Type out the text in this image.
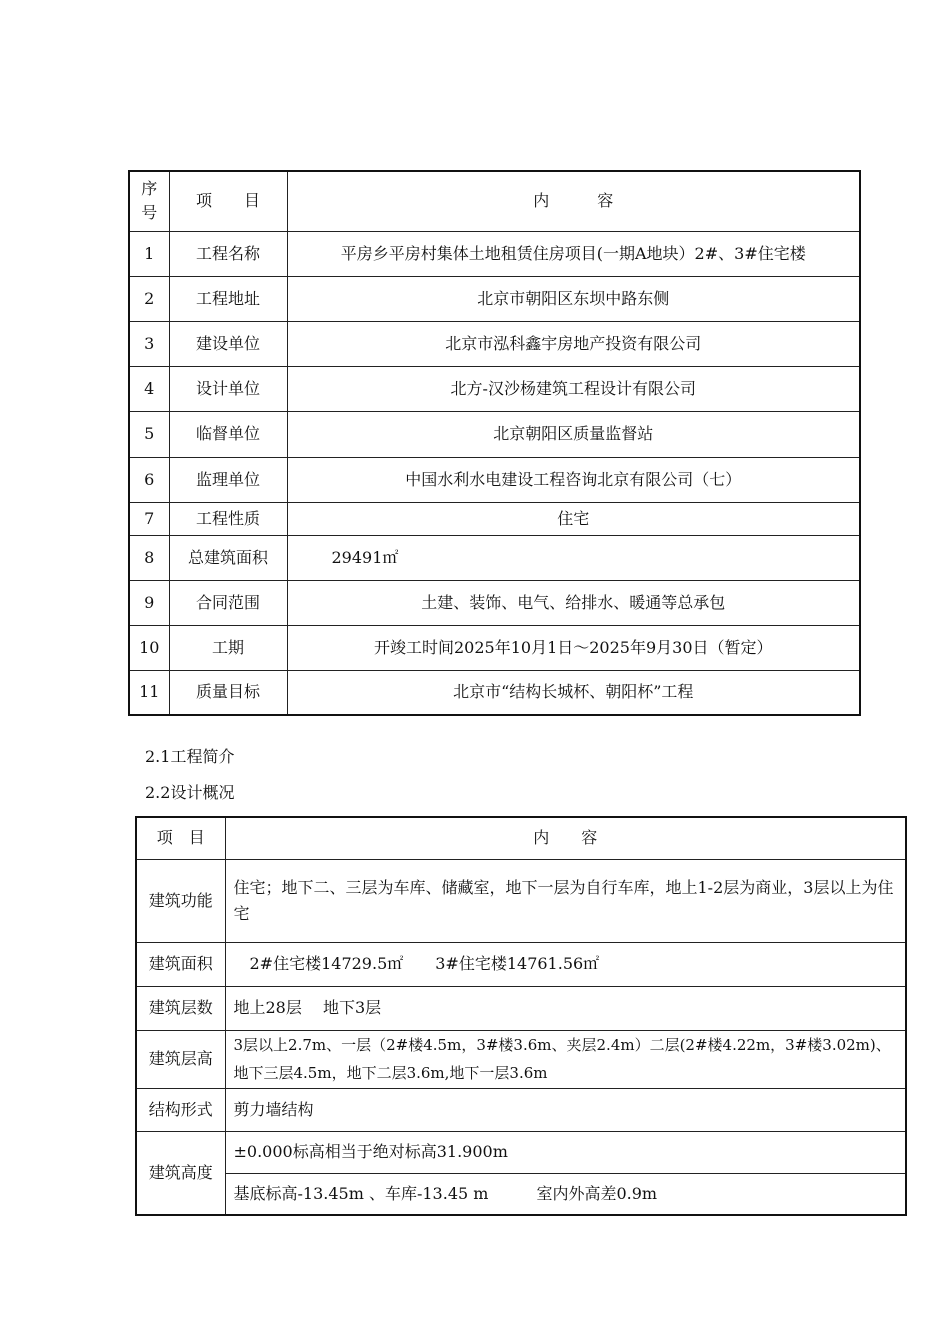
序号	项　　目	内　　　容
1	工程名称	平房乡平房村集体土地租赁住房项目(一期A地块）2#、3#住宅楼
2	工程地址	北京市朝阳区东坝中路东侧
3	建设单位	北京市泓科鑫宇房地产投资有限公司
4	设计单位	北方-汉沙杨建筑工程设计有限公司
5	临督单位	北京朝阳区质量监督站
6	监理单位	中国水利水电建设工程咨询北京有限公司（七）
7	工程性质	住宅
8	总建筑面积	29491㎡
9	合同范围	土建、装饰、电气、给排水、暖通等总承包
10	工期	开竣工时间2025年10月1日～2025年9月30日（暂定）
11	质量目标	北京市“结构长城杯、朝阳杯”工程
2.1工程简介
2.2设计概况
项　目	内　　容
建筑功能	住宅；地下二、三层为车库、储藏室，地下一层为自行车库，地上1-2层为商业，3层以上为住宅
建筑面积	　2#住宅楼14729.5㎡　　3#住宅楼14761.56㎡
建筑层数	地上28层　 地下3层
建筑层高	3层以上2.7m、一层（2#楼4.5m，3#楼3.6m、夹层2.4m）二层(2#楼4.22m，3#楼3.02m)、地下三层4.5m，地下二层3.6m,地下一层3.6m
结构形式	剪力墙结构
建筑高度	±0.000标高相当于绝对标高31.900m
	基底标高-13.45m 、车库-13.45 m　　　室内外高差0.9m
